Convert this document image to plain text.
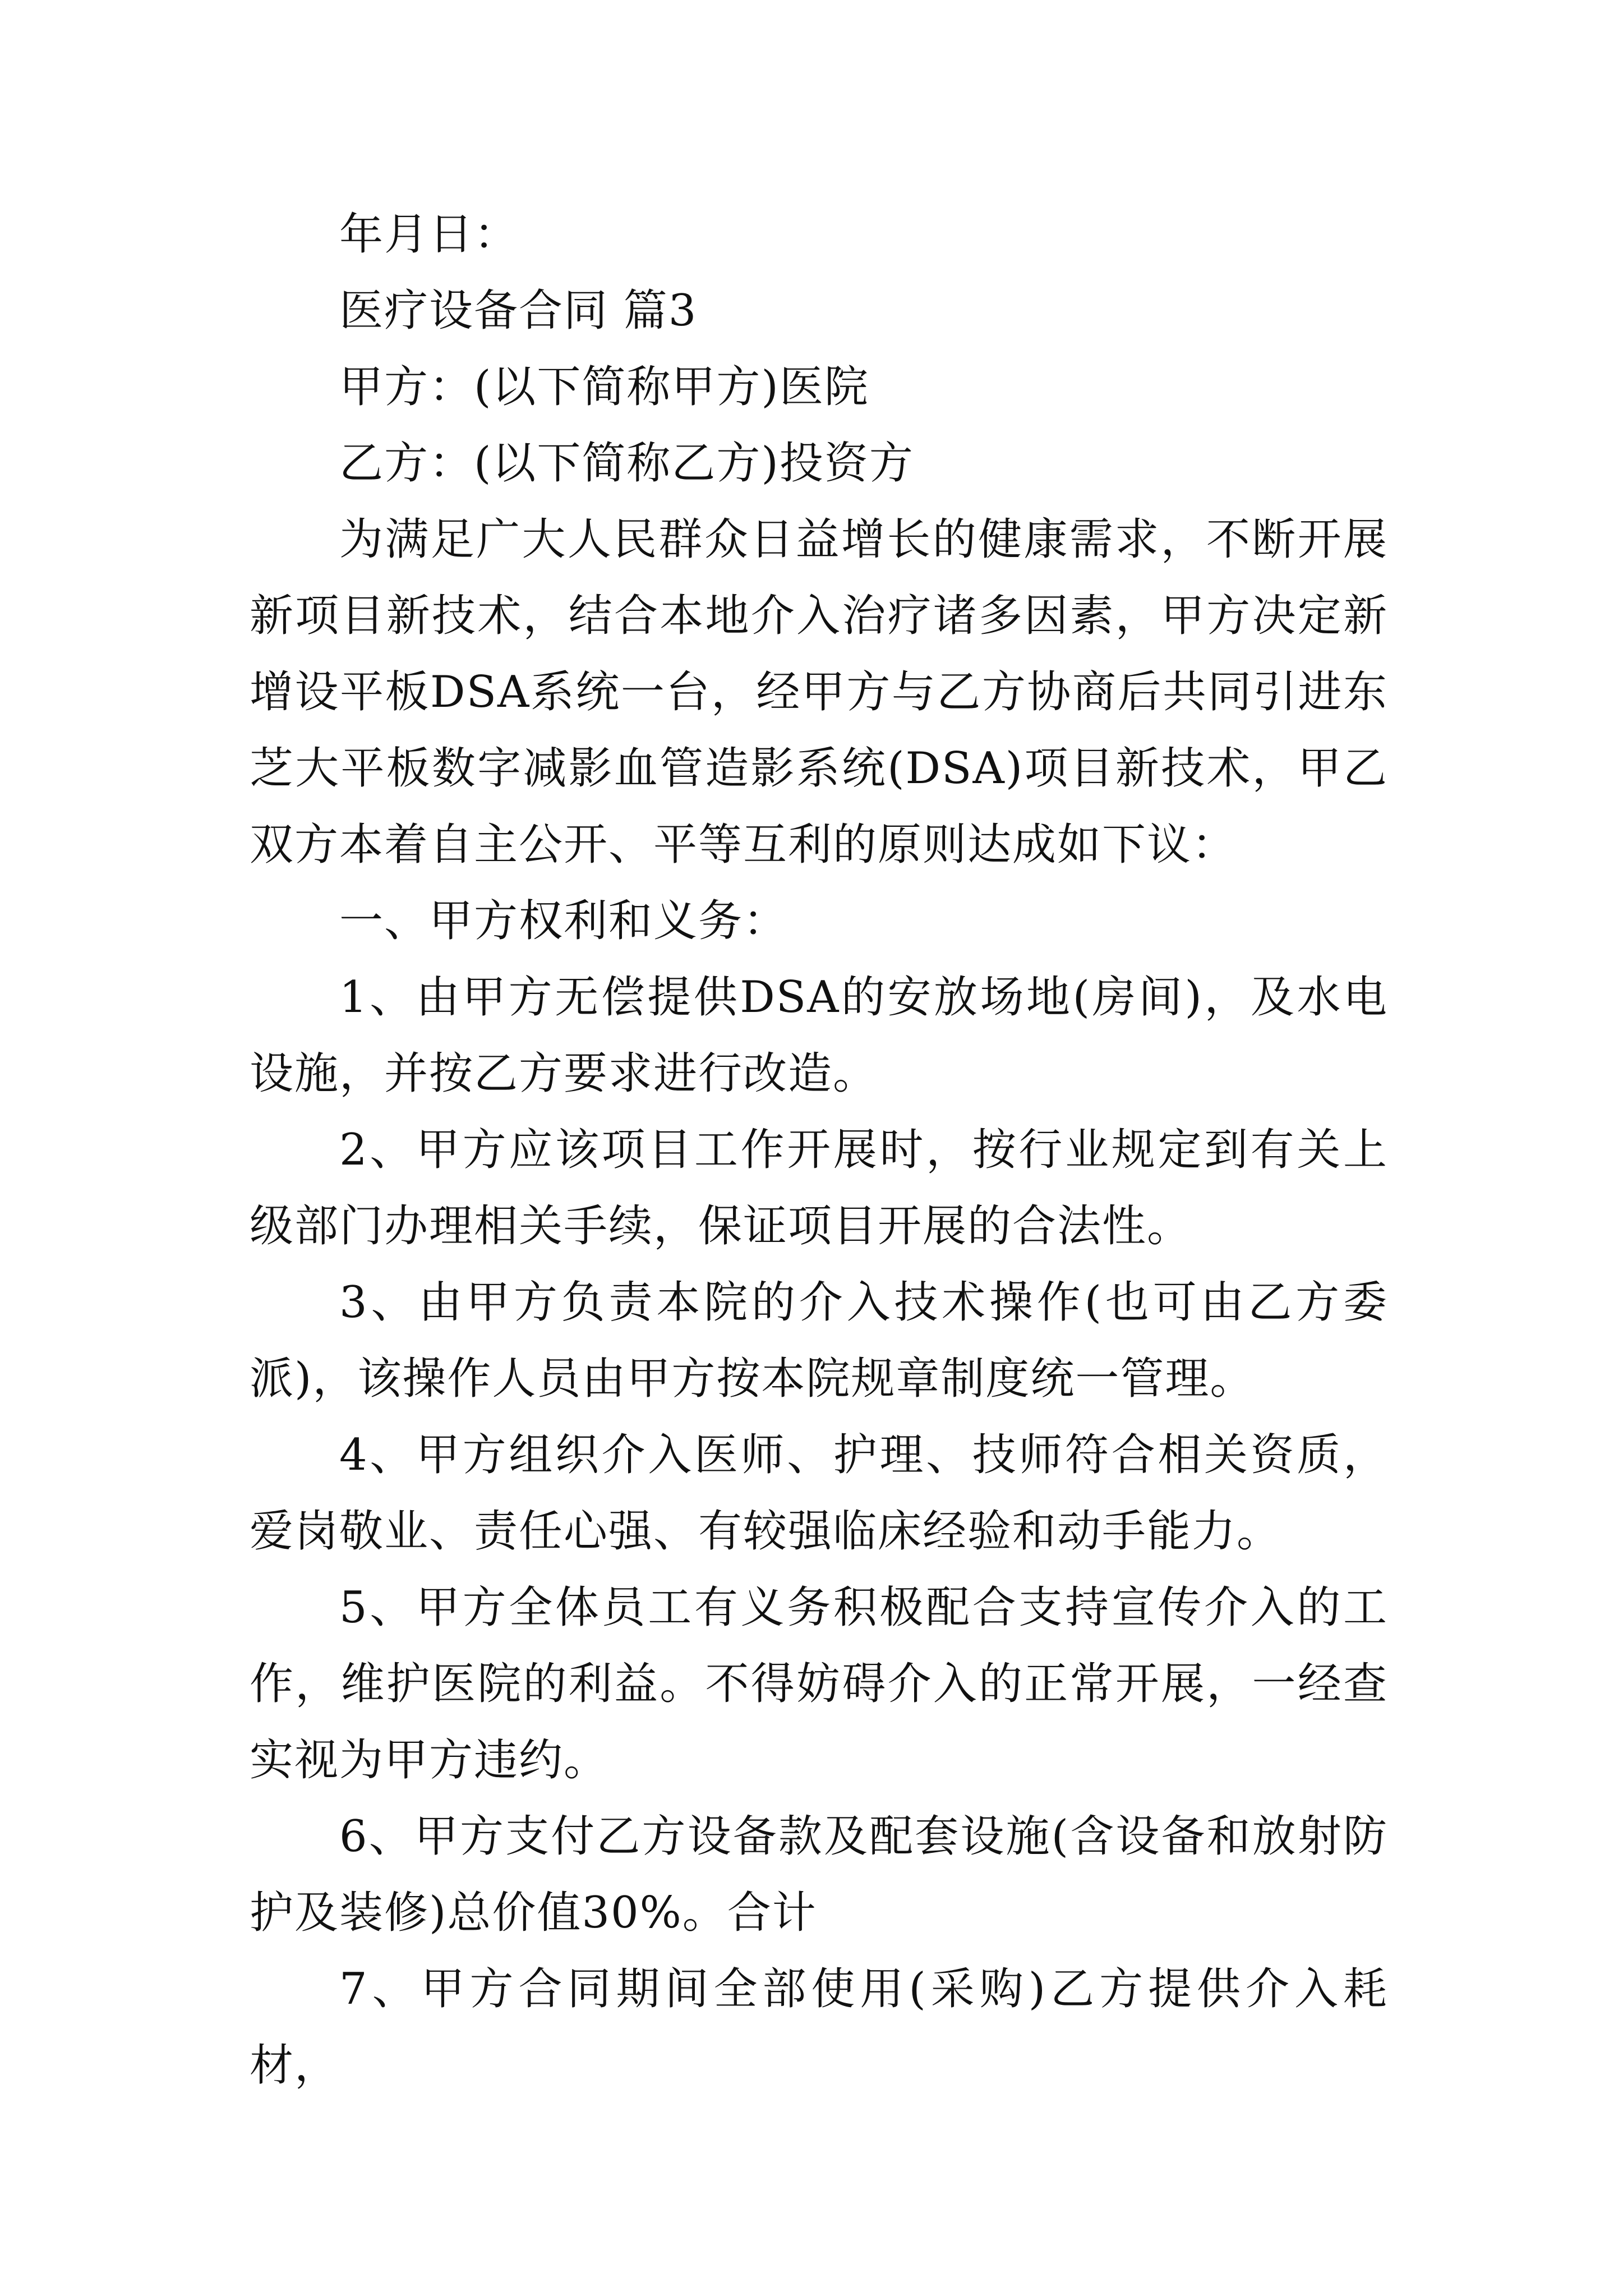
年月日：

医疗设备合同 篇3

甲方：(以下简称甲方)医院

乙方：(以下简称乙方)投资方

为满足广大人民群众日益增长的健康需求，不断开展新项目新技术，结合本地介入治疗诸多因素，甲方决定新增设平板DSA系统一台，经甲方与乙方协商后共同引进东芝大平板数字减影血管造影系统(DSA)项目新技术，甲乙双方本着自主公开、平等互利的原则达成如下议：

一、甲方权利和义务：

1、由甲方无偿提供DSA的安放场地(房间)，及水电设施，并按乙方要求进行改造。

2、甲方应该项目工作开展时，按行业规定到有关上级部门办理相关手续，保证项目开展的合法性。

3、由甲方负责本院的介入技术操作(也可由乙方委派)，该操作人员由甲方按本院规章制度统一管理。

4、甲方组织介入医师、护理、技师符合相关资质，爱岗敬业、责任心强、有较强临床经验和动手能力。

5、甲方全体员工有义务积极配合支持宣传介入的工作，维护医院的利益。不得妨碍介入的正常开展，一经查实视为甲方违约。

6、甲方支付乙方设备款及配套设施(含设备和放射防护及装修)总价值30%。合计

7、甲方合同期间全部使用(采购)乙方提供介入耗材，
